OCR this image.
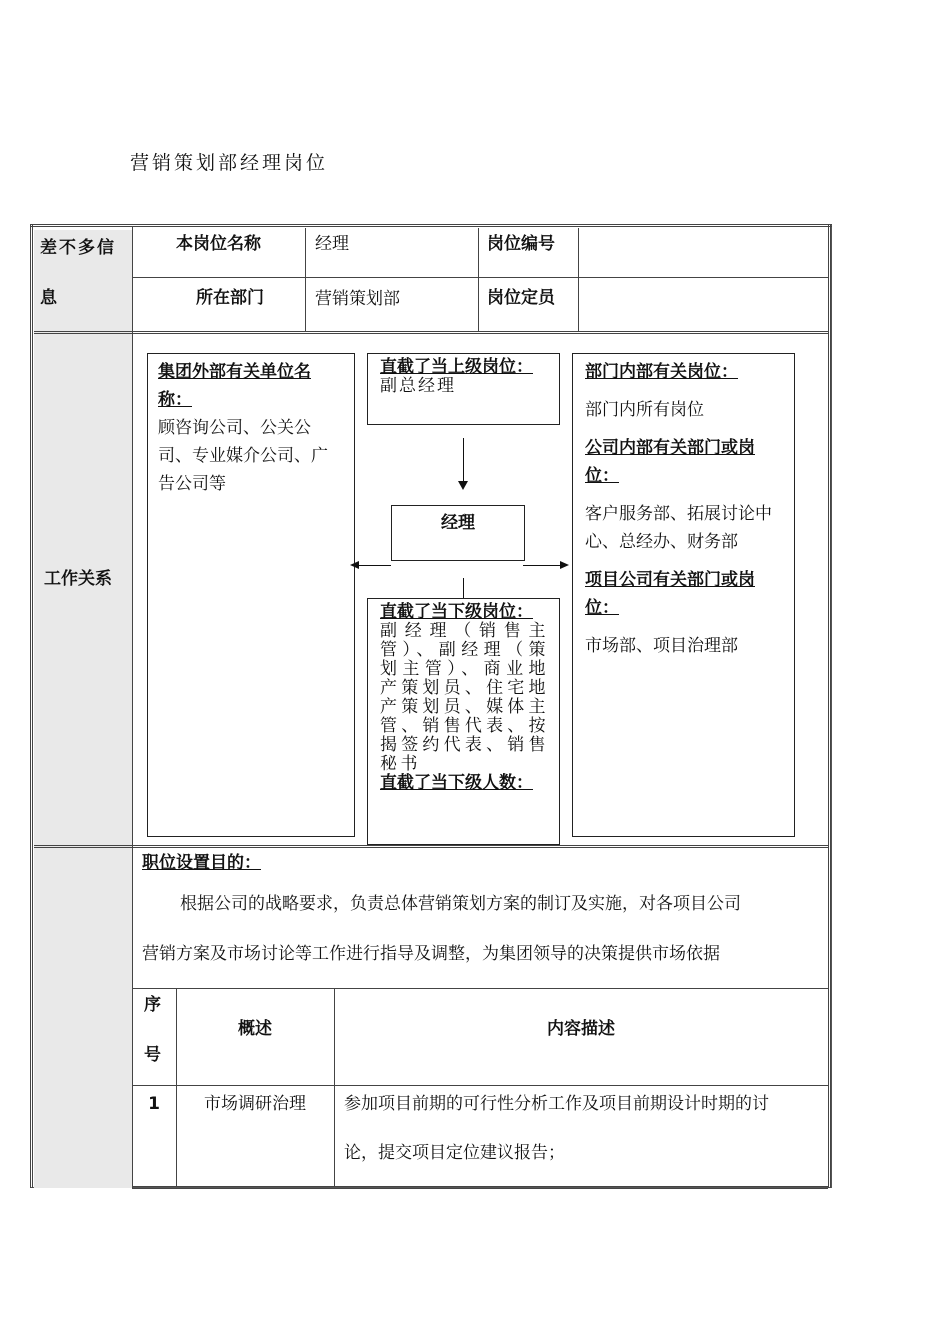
营销策划部经理岗位
差不多信
息
本岗位名称	经理	岗位编号
所在部门	营销策划部	岗位定员
工作关系

集团外部有关单位名称：

顾咨询公司、公关公司、专业媒介公司、广告公司等

直截了当上级岗位：

副总经理

经理

直截了当下级岗位：

副经理（销售主管）、副经理（策划主管）、商业地产策划员、住宅地产策划员、媒体主管、销售代表、按揭签约代表、销售秘书

直截了当下级人数：

部门内部有关岗位：

部门内所有岗位

公司内部有关部门或岗位：

客户服务部、拓展讨论中心、总经办、财务部

项目公司有关部门或岗位：

市场部、项目治理部

职位设置目的：
根据公司的战略要求，负责总体营销策划方案的制订及实施，对各项目公司
营销方案及市场讨论等工作进行指导及调整，为集团领导的决策提供市场依据
序
号
概述	内容描述
1	市场调研治理	参加项目前期的可行性分析工作及项目前期设计时期的讨
论，提交项目定位建议报告；
